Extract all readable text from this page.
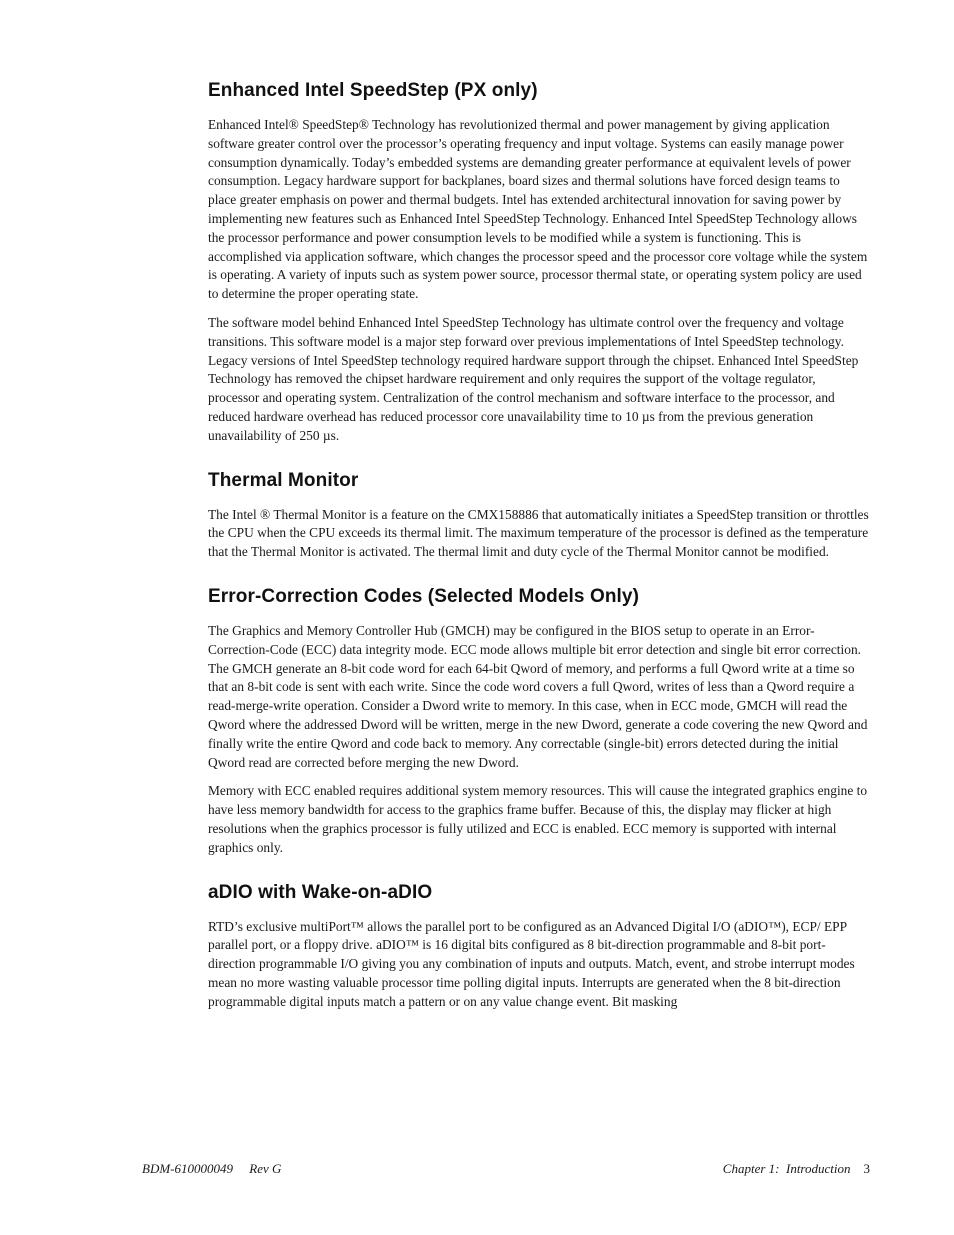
Enhanced Intel SpeedStep (PX only)

Enhanced Intel® SpeedStep® Technology has revolutionized thermal and power management by giving application software greater control over the processor’s operating frequency and input voltage. Systems can easily manage power consumption dynamically. Today’s embedded systems are demanding greater performance at equivalent levels of power consumption. Legacy hardware support for backplanes, board sizes and thermal solutions have forced design teams to place greater emphasis on power and thermal budgets. Intel has extended architectural innovation for saving power by implementing new features such as Enhanced Intel SpeedStep Technology. Enhanced Intel SpeedStep Technology allows the processor performance and power consumption levels to be modified while a system is functioning. This is accomplished via application software, which changes the processor speed and the processor core voltage while the system is operating. A variety of inputs such as system power source, processor thermal state, or operating system policy are used to determine the proper operating state.

The software model behind Enhanced Intel SpeedStep Technology has ultimate control over the frequency and voltage transitions. This software model is a major step forward over previous implementations of Intel SpeedStep technology. Legacy versions of Intel SpeedStep technology required hardware support through the chipset. Enhanced Intel SpeedStep Technology has removed the chipset hardware requirement and only requires the support of the voltage regulator, processor and operating system. Centralization of the control mechanism and software interface to the processor, and reduced hardware overhead has reduced processor core unavailability time to 10 µs from the previous generation unavailability of 250 µs.

Thermal Monitor

The Intel ® Thermal Monitor is a feature on the CMX158886 that automatically initiates a SpeedStep transition or throttles the CPU when the CPU exceeds its thermal limit. The maximum temperature of the processor is defined as the temperature that the Thermal Monitor is activated. The thermal limit and duty cycle of the Thermal Monitor cannot be modified.

Error-Correction Codes (Selected Models Only)

The Graphics and Memory Controller Hub (GMCH) may be configured in the BIOS setup to operate in an Error-Correction-Code (ECC) data integrity mode. ECC mode allows multiple bit error detection and single bit error correction. The GMCH generate an 8-bit code word for each 64-bit Qword of memory, and performs a full Qword write at a time so that an 8-bit code is sent with each write. Since the code word covers a full Qword, writes of less than a Qword require a read-merge-write operation. Consider a Dword write to memory. In this case, when in ECC mode, GMCH will read the Qword where the addressed Dword will be written, merge in the new Dword, generate a code covering the new Qword and finally write the entire Qword and code back to memory. Any correctable (single-bit) errors detected during the initial Qword read are corrected before merging the new Dword.

Memory with ECC enabled requires additional system memory resources. This will cause the integrated graphics engine to have less memory bandwidth for access to the graphics frame buffer. Because of this, the display may flicker at high resolutions when the graphics processor is fully utilized and ECC is enabled. ECC memory is supported with internal graphics only.

aDIO with Wake-on-aDIO

RTD’s exclusive multiPort™ allows the parallel port to be configured as an Advanced Digital I/O (aDIO™), ECP/ EPP parallel port, or a floppy drive. aDIO™ is 16 digital bits configured as 8 bit-direction programmable and 8-bit port-direction programmable I/O giving you any combination of inputs and outputs. Match, event, and strobe interrupt modes mean no more wasting valuable processor time polling digital inputs. Interrupts are generated when the 8 bit-direction programmable digital inputs match a pattern or on any value change event. Bit masking

BDM-610000049 Rev G	Chapter 1:  Introduction 3
